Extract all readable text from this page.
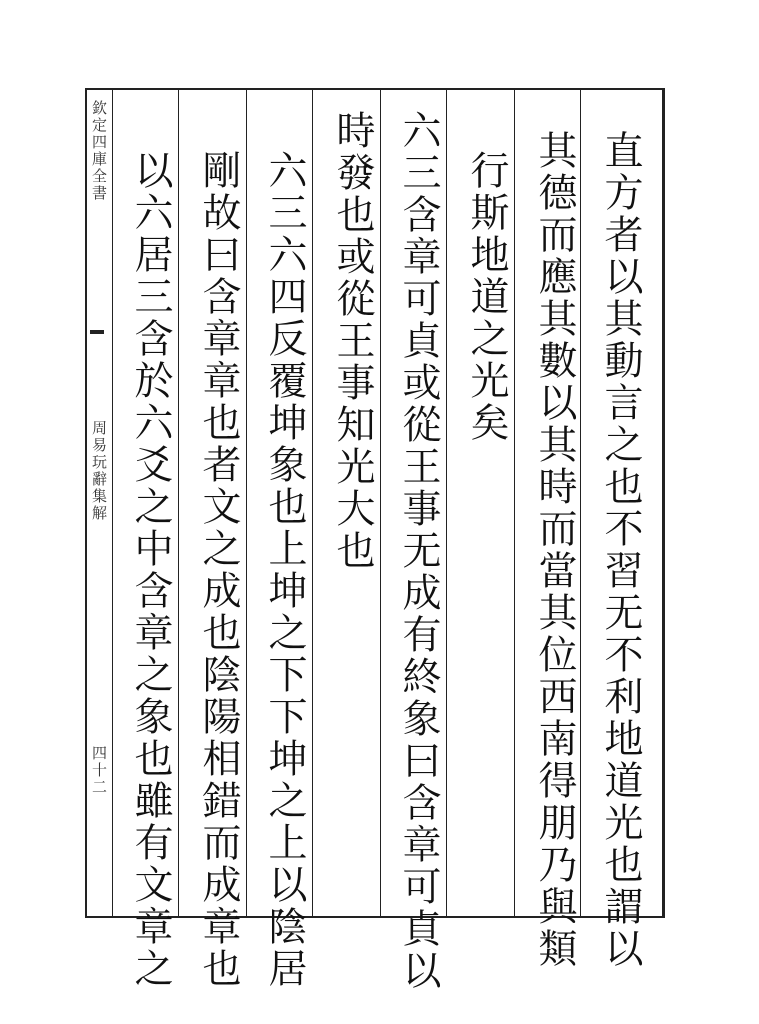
欽定四庫全書
周易玩辭集解
四十二	直方者以其動言之也不習无不利地道光也謂以
其德而應其數以其時而當其位西南得朋乃與類
行斯地道之光矣
六三含章可貞或從王事无成有終象曰含章可貞以
時發也或從王事知光大也
六三六四反覆坤象也上坤之下下坤之上以陰居
剛故曰含章章也者文之成也陰陽相錯而成章也
以六居三含於六爻之中含章之象也雖有文章之
